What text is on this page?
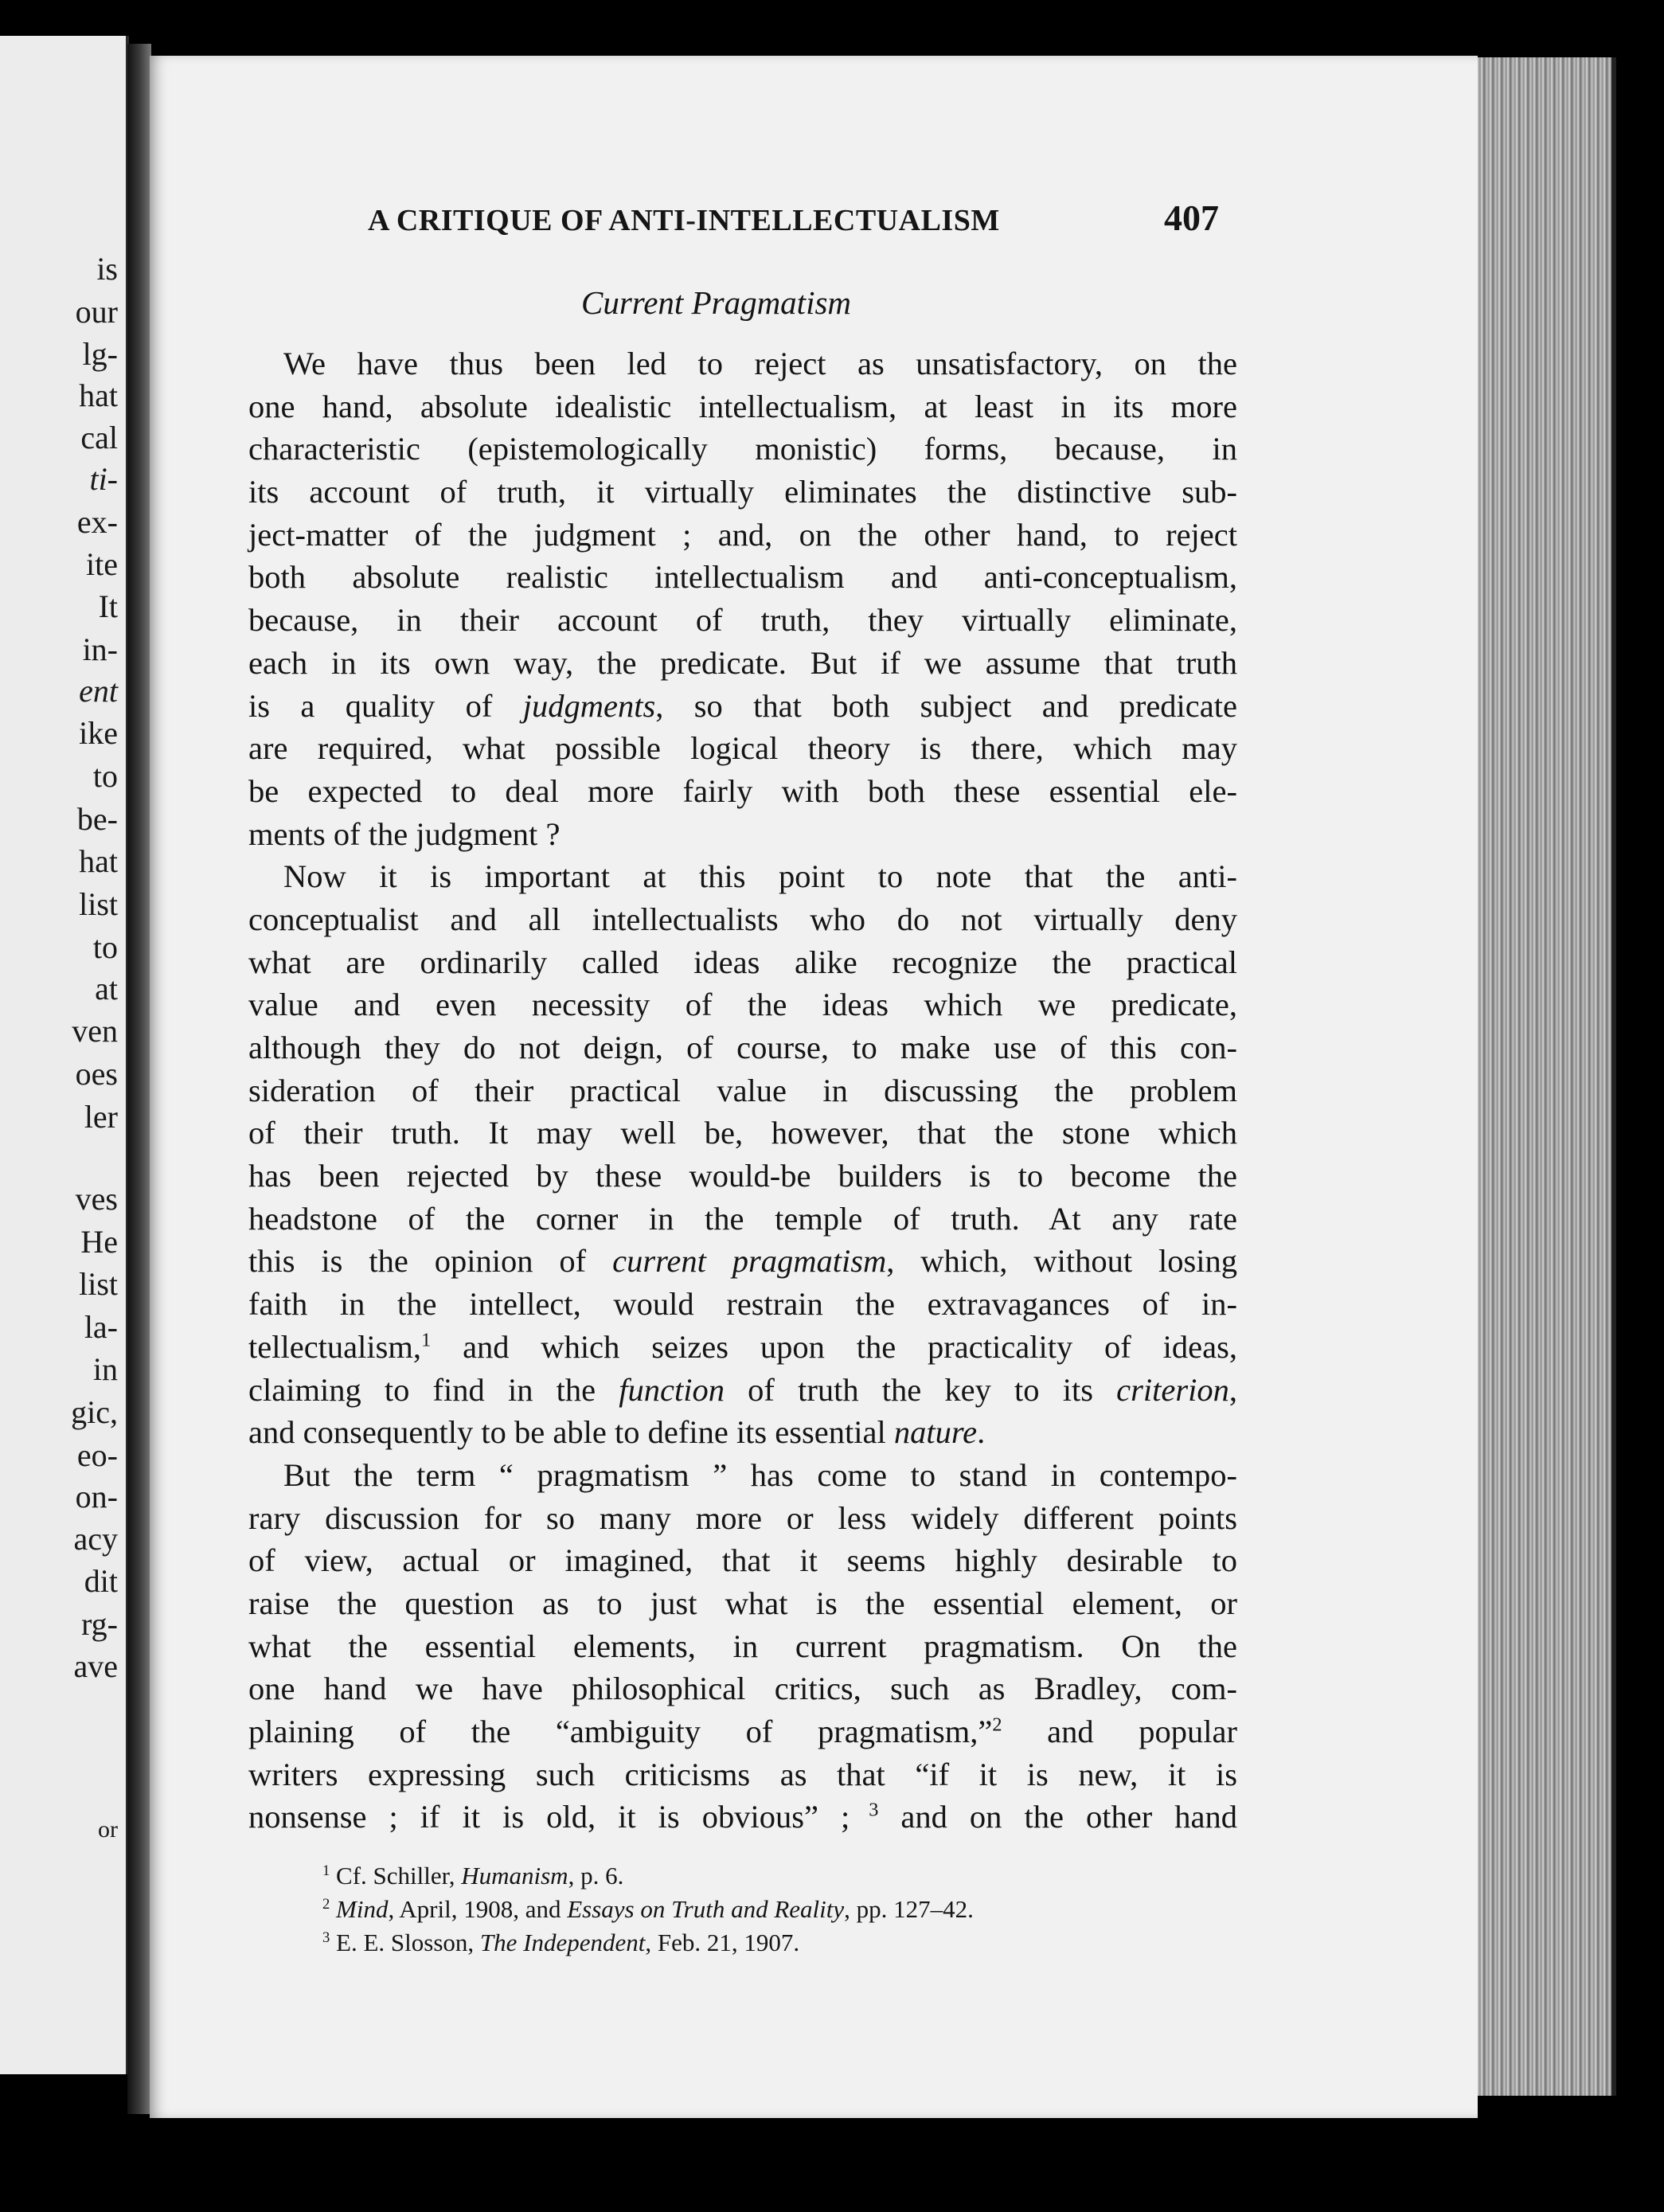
is
our
lg-
hat
cal
ti-
ex-
ite
It
in-
ent
ike
to
be-
hat
list
to
at
ven
oes
ler
ves
He
list
la-
in
gic,
eo-
on-
acy
dit
rg-
ave
or
A CRITIQUE OF ANTI-INTELLECTUALISM	407
Current Pragmatism
We have thus been led to reject as unsatisfactory, on the
one hand, absolute idealistic intellectualism, at least in its more
characteristic (epistemologically monistic) forms, because, in
its account of truth, it virtually eliminates the distinctive sub-
ject-matter of the judgment ; and, on the other hand, to reject
both absolute realistic intellectualism and anti-conceptualism,
because, in their account of truth, they virtually eliminate,
each in its own way, the predicate. But if we assume that truth
is a quality of judgments, so that both subject and predicate
are required, what possible logical theory is there, which may
be expected to deal more fairly with both these essential ele-
ments of the judgment ?
Now it is important at this point to note that the anti-
conceptualist and all intellectualists who do not virtually deny
what are ordinarily called ideas alike recognize the practical
value and even necessity of the ideas which we predicate,
although they do not deign, of course, to make use of this con-
sideration of their practical value in discussing the problem
of their truth. It may well be, however, that the stone which
has been rejected by these would-be builders is to become the
headstone of the corner in the temple of truth. At any rate
this is the opinion of current pragmatism, which, without losing
faith in the intellect, would restrain the extravagances of in-
tellectualism,$^1$ and which seizes upon the practicality of ideas,
claiming to find in the function of truth the key to its criterion,
and consequently to be able to define its essential nature.
But the term “ pragmatism ” has come to stand in contempo-
rary discussion for so many more or less widely different points
of view, actual or imagined, that it seems highly desirable to
raise the question as to just what is the essential element, or
what the essential elements, in current pragmatism. On the
one hand we have philosophical critics, such as Bradley, com-
plaining of the “ambiguity of pragmatism,”$^2$ and popular
writers expressing such criticisms as that “if it is new, it is
nonsense ; if it is old, it is obvious” ; $^3$ and on the other hand
$^1$ Cf. Schiller, Humanism, p. 6.
$^2$ Mind, April, 1908, and Essays on Truth and Reality, pp. 127–42.
$^3$ E. E. Slosson, The Independent, Feb. 21, 1907.
